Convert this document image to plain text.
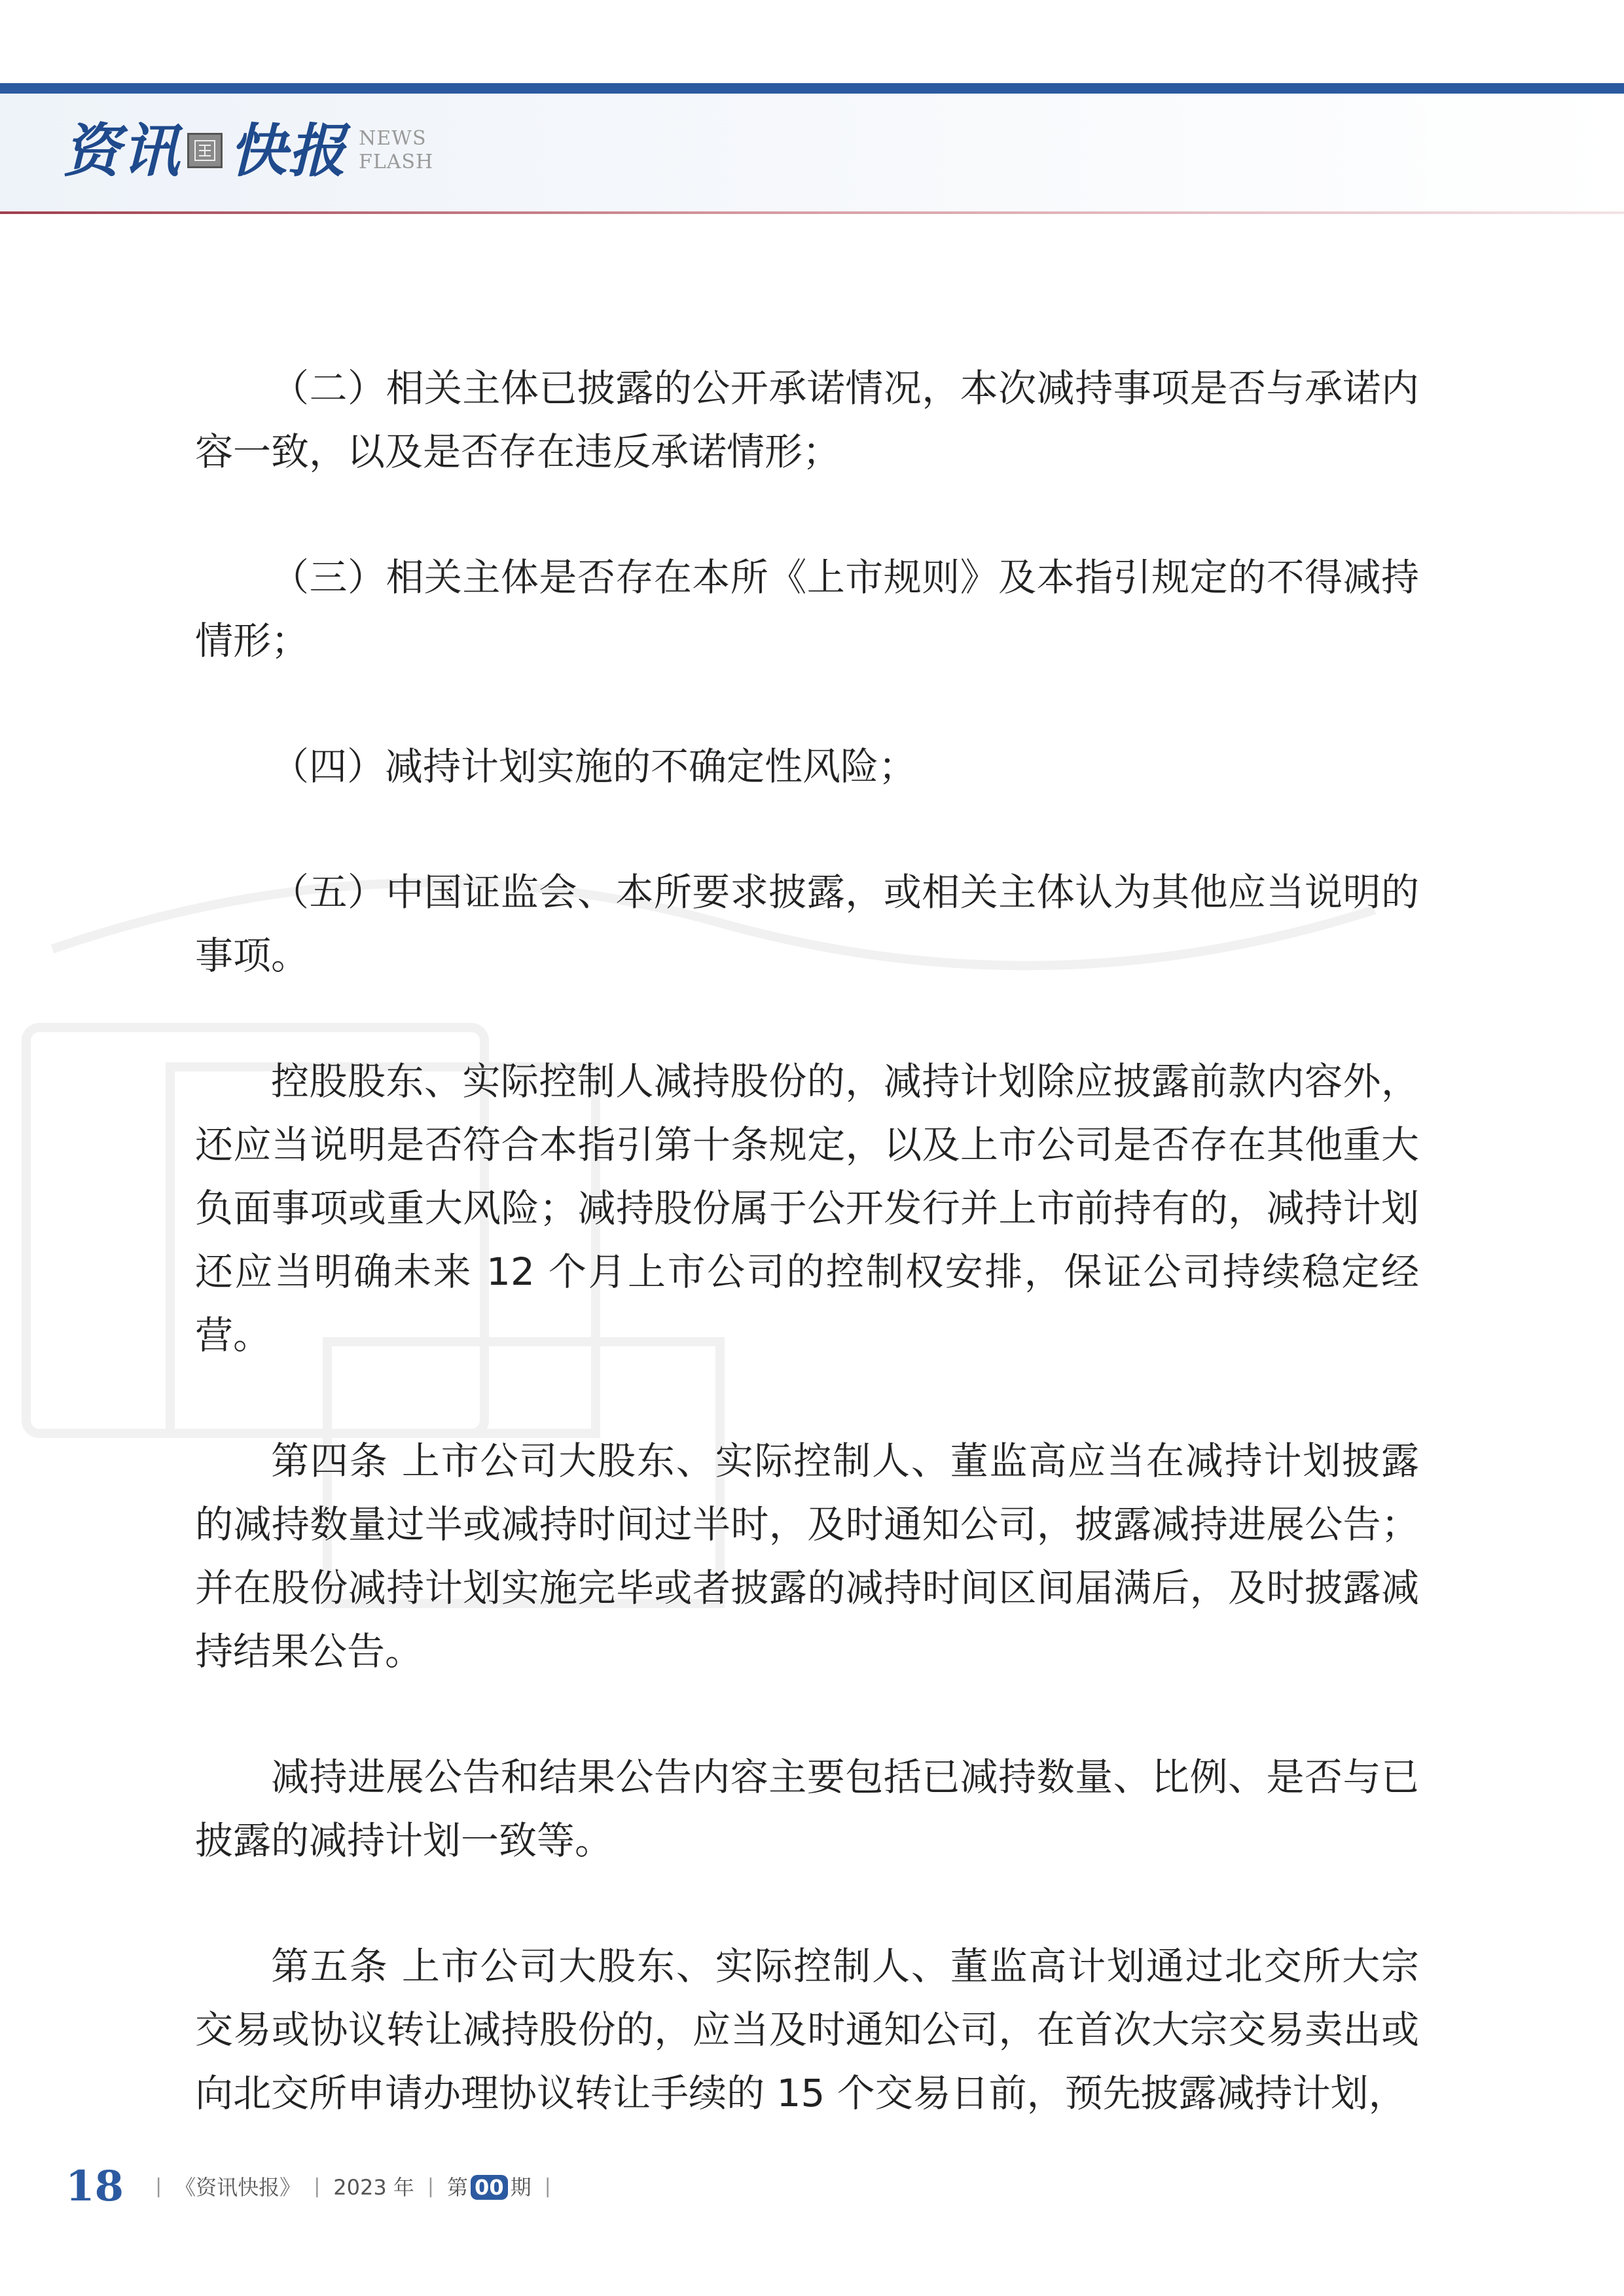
资讯 快报 NEWS
FLASH

（二）相关主体已披露的公开承诺情况，本次减持事项是否与承诺内容一致，以及是否存在违反承诺情形；

（三）相关主体是否存在本所《上市规则》及本指引规定的不得减持情形；

（四）减持计划实施的不确定性风险；

（五）中国证监会、本所要求披露，或相关主体认为其他应当说明的事项。

控股股东、实际控制人减持股份的，减持计划除应披露前款内容外，还应当说明是否符合本指引第十条规定，以及上市公司是否存在其他重大负面事项或重大风险；减持股份属于公开发行并上市前持有的，减持计划还应当明确未来 12 个月上市公司的控制权安排，保证公司持续稳定经营。

第四条 上市公司大股东、实际控制人、董监高应当在减持计划披露的减持数量过半或减持时间过半时，及时通知公司，披露减持进展公告；并在股份减持计划实施完毕或者披露的减持时间区间届满后，及时披露减持结果公告。

减持进展公告和结果公告内容主要包括已减持数量、比例、是否与已披露的减持计划一致等。

第五条 上市公司大股东、实际控制人、董监高计划通过北交所大宗交易或协议转让减持股份的，应当及时通知公司，在首次大宗交易卖出或向北交所申请办理协议转让手续的 15 个交易日前，预先披露减持计划，

18 | 《资讯快报》 | 2023 年 | 第 00 期 |
